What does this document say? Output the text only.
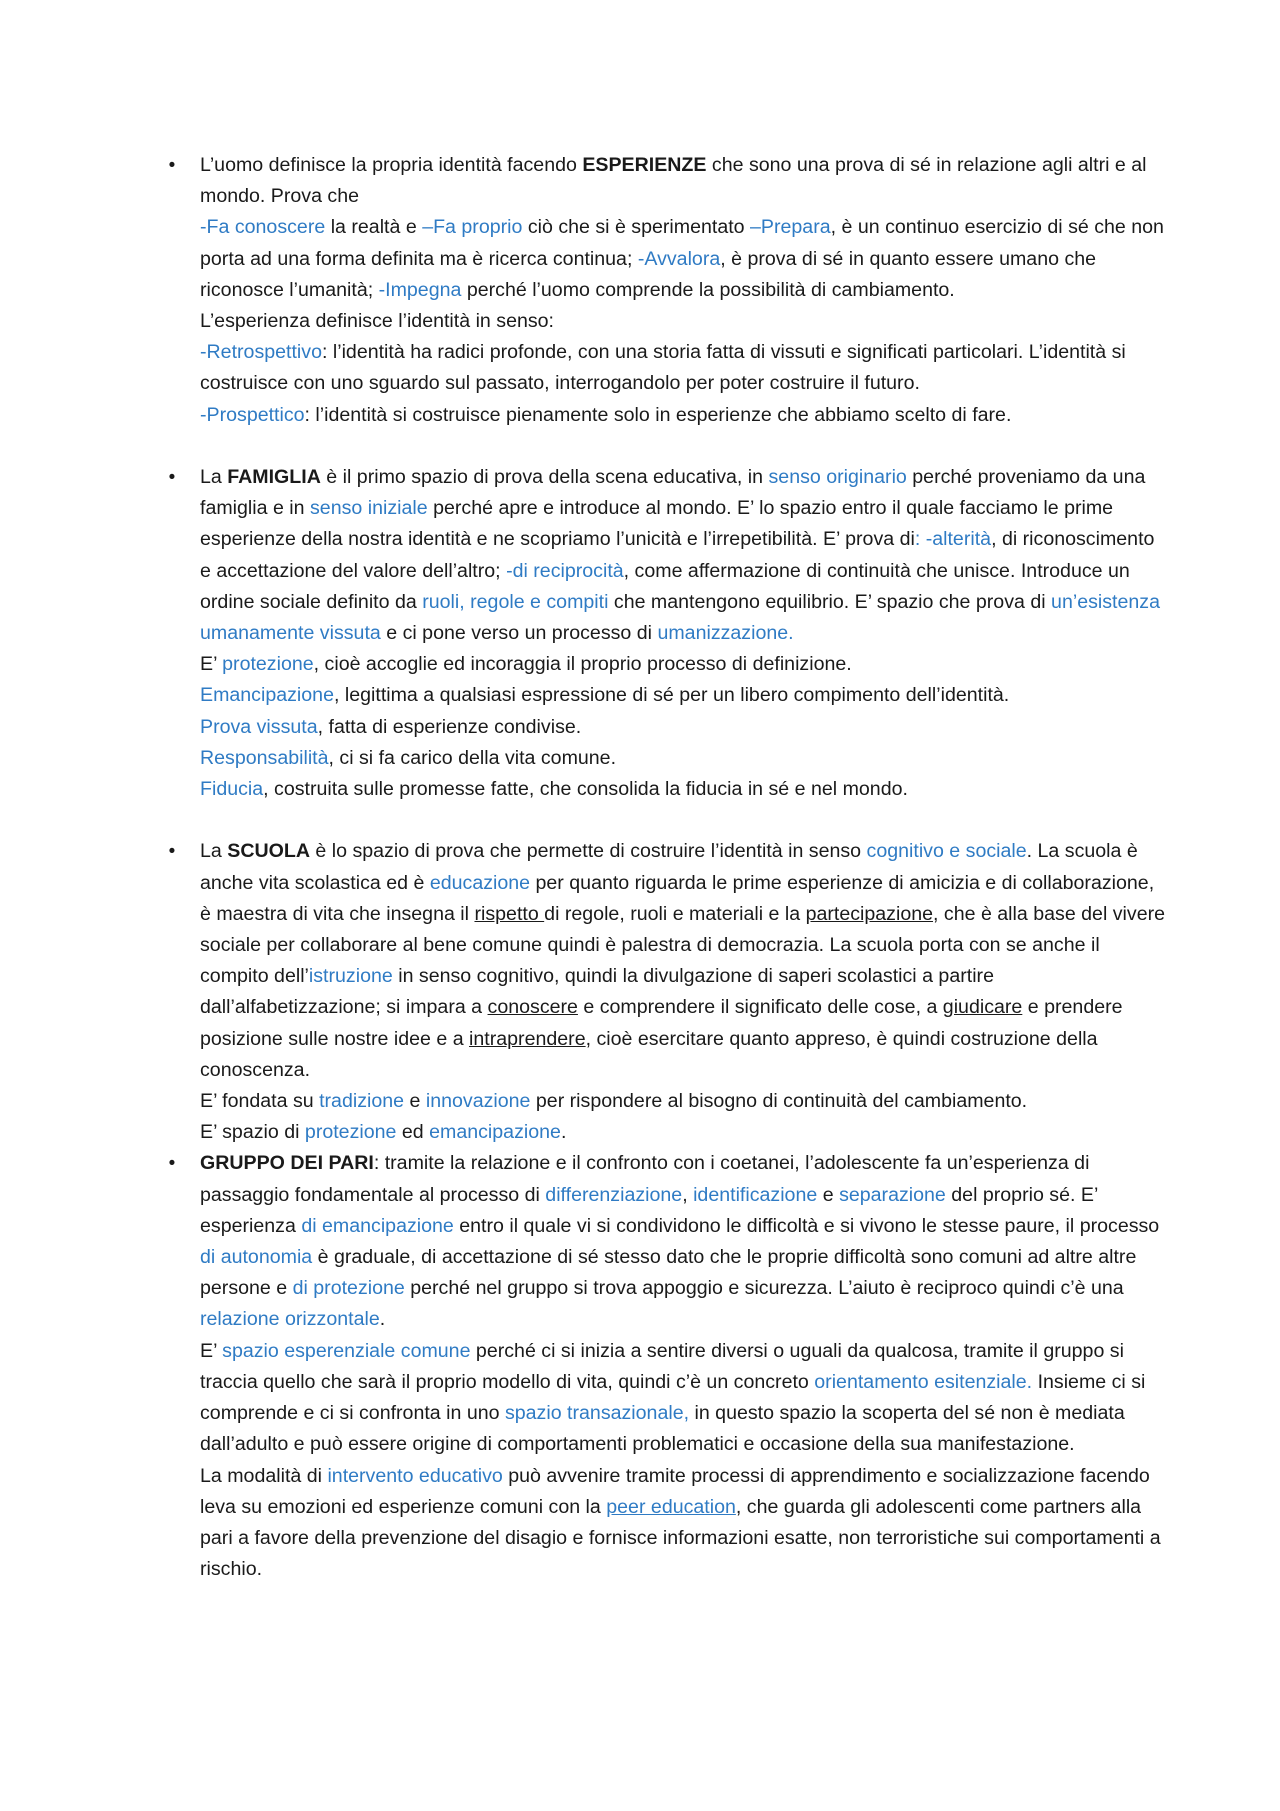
•	L’uomo definisce la propria identità facendo ESPERIENZE che sono una prova di sé in relazione agli altri e al mondo. Prova che

-Fa conoscere la realtà e –Fa proprio ciò che si è sperimentato –Prepara, è un continuo esercizio di sé che non porta ad una forma definita ma è ricerca continua; -Avvalora, è prova di sé in quanto essere umano che riconosce l’umanità; -Impegna perché l’uomo comprende la possibilità di cambiamento.

L’esperienza definisce l’identità in senso:

-Retrospettivo: l’identità ha radici profonde, con una storia fatta di vissuti e significati particolari. L’identità si costruisce con uno sguardo sul passato, interrogandolo per poter costruire il futuro.

-Prospettico: l’identità si costruisce pienamente solo in esperienze che abbiamo scelto di fare.

•	La FAMIGLIA è il primo spazio di prova della scena educativa, in senso originario perché proveniamo da una famiglia e in senso iniziale perché apre e introduce al mondo. E’ lo spazio entro il quale facciamo le prime esperienze della nostra identità e ne scopriamo l’unicità e l’irrepetibilità. E’ prova di: -alterità, di riconoscimento e accettazione del valore dell’altro; -di reciprocità, come affermazione di continuità che unisce. Introduce un ordine sociale definito da ruoli, regole e compiti che mantengono equilibrio. E’ spazio che prova di un’esistenza umanamente vissuta e ci pone verso un processo di umanizzazione.

E’ protezione, cioè accoglie ed incoraggia il proprio processo di definizione.

Emancipazione, legittima a qualsiasi espressione di sé per un libero compimento dell’identità.

Prova vissuta, fatta di esperienze condivise.

Responsabilità, ci si fa carico della vita comune.

Fiducia, costruita sulle promesse fatte, che consolida la fiducia in sé e nel mondo.

•	La SCUOLA è lo spazio di prova che permette di costruire l’identità in senso cognitivo e sociale. La scuola è anche vita scolastica ed è educazione per quanto riguarda le prime esperienze di amicizia e di collaborazione, è maestra di vita che insegna il rispetto di regole, ruoli e materiali e la partecipazione, che è alla base del vivere sociale per collaborare al bene comune quindi è palestra di democrazia. La scuola porta con se anche il compito dell’istruzione in senso cognitivo, quindi la divulgazione di saperi scolastici a partire dall’alfabetizzazione; si impara a conoscere e comprendere il significato delle cose, a giudicare e prendere posizione sulle nostre idee e a intraprendere, cioè esercitare quanto appreso, è quindi costruzione della conoscenza.

E’ fondata su tradizione e innovazione per rispondere al bisogno di continuità del cambiamento.

E’ spazio di protezione ed emancipazione.

•	GRUPPO DEI PARI: tramite la relazione e il confronto con i coetanei, l’adolescente fa un’esperienza di passaggio fondamentale al processo di differenziazione, identificazione e separazione del proprio sé. E’ esperienza di emancipazione entro il quale vi si condividono le difficoltà e si vivono le stesse paure, il processo di autonomia è graduale, di accettazione di sé stesso dato che le proprie difficoltà sono comuni ad altre altre persone e di protezione perché nel gruppo si trova appoggio e sicurezza. L’aiuto è reciproco quindi c’è una relazione orizzontale.

E’ spazio esperenziale comune perché ci si inizia a sentire diversi o uguali da qualcosa, tramite il gruppo si traccia quello che sarà il proprio modello di vita, quindi c’è un concreto orientamento esitenziale. Insieme ci si comprende e ci si confronta in uno spazio transazionale, in questo spazio la scoperta del sé non è mediata dall’adulto e può essere origine di comportamenti problematici e occasione della sua manifestazione.

La modalità di intervento educativo può avvenire tramite processi di apprendimento e socializzazione facendo leva su emozioni ed esperienze comuni con la peer education, che guarda gli adolescenti come partners alla pari a favore della prevenzione del disagio e fornisce informazioni esatte, non terroristiche sui comportamenti a rischio.
